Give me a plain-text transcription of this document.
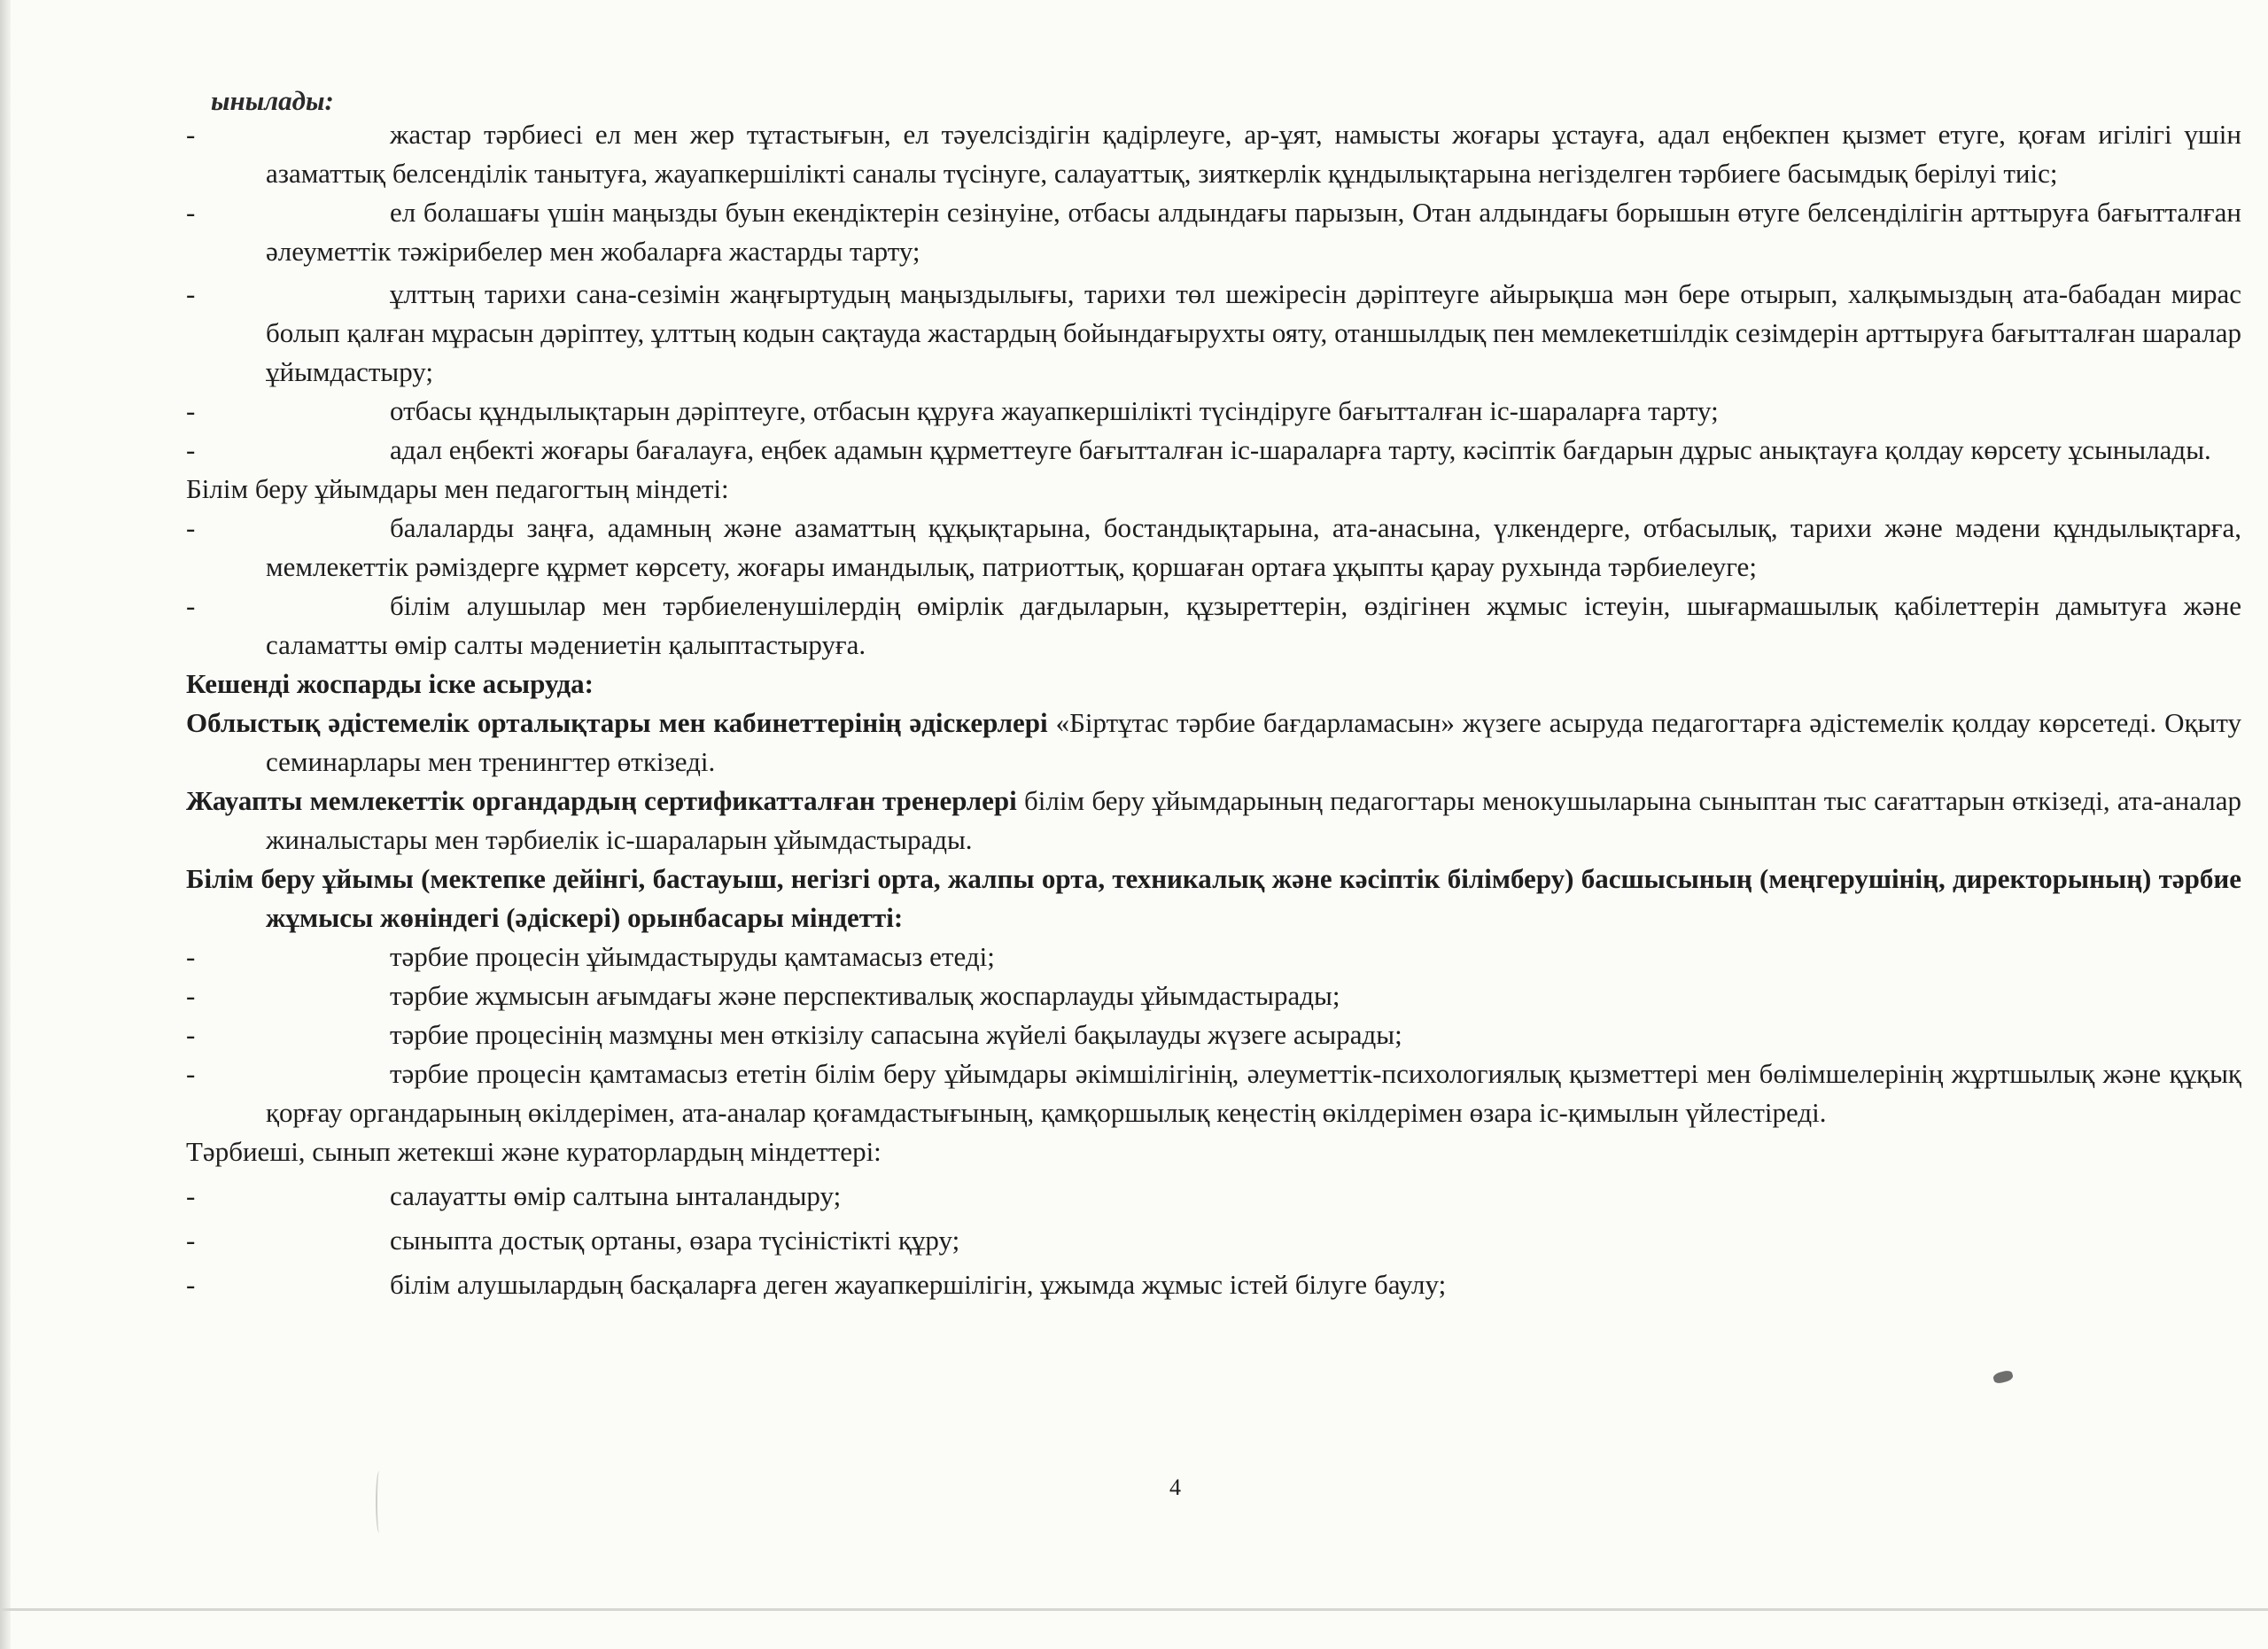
ынылады:
-	жастар тәрбиесі ел мен жер тұтастығын, ел тәуелсіздігін қадірлеуге, ар-ұят, намысты жоғары ұстауға, адал еңбекпен қызмет етуге, қоғам игілігі үшін азаматтық белсенділік танытуға, жауапкершілікті саналы түсінуге, салауаттық, зияткерлік құндылықтарына негізделген тәрбиеге басымдық берілуі тиіс;
-	ел болашағы үшін маңызды буын екендіктерін сезінуіне, отбасы алдындағы парызын, Отан алдындағы борышын өтуге белсенділігін арттыруға бағытталған әлеуметтік тәжірибелер мен жобаларға жастарды тарту;
-	ұлттың тарихи сана-сезімін жаңғыртудың маңыздылығы, тарихи төл шежіресін дәріптеуге айырықша мән бере отырып, халқымыздың ата-бабадан мирас болып қалған мұрасын дәріптеу, ұлттың кодын сақтауда жастардың бойындағырухты ояту, отаншылдық пен мемлекетшілдік сезімдерін арттыруға бағытталған шаралар ұйымдастыру;
-	отбасы құндылықтарын дәріптеуге, отбасын құруға жауапкершілікті түсіндіруге бағытталған іс-шараларға тарту;
-	адал еңбекті жоғары бағалауға, еңбек адамын құрметтеуге бағытталған іс-шараларға тарту, кәсіптік бағдарын дұрыс анықтауға қолдау көрсету ұсынылады.

Білім беру ұйымдары мен педагогтың міндеті:

-	балаларды заңға, адамның және азаматтың құқықтарына, бостандықтарына, ата-анасына, үлкендерге, отбасылық, тарихи және мәдени құндылықтарға, мемлекеттік рәміздерге құрмет көрсету, жоғары имандылық, патриоттық, қоршаған ортаға ұқыпты қарау рухында тәрбиелеуге;
-	білім алушылар мен тәрбиеленушілердің өмірлік дағдыларын, құзыреттерін, өздігінен жұмыс істеуін, шығармашылық қабілеттерін дамытуға және саламатты өмір салты мәдениетін қалыптастыруға.

Кешенді жоспарды іске асыруда:

Облыстық әдістемелік орталықтары мен кабинеттерінің әдіскерлері «Біртұтас тәрбие бағдарламасын» жүзеге асыруда педагогтарға әдістемелік қолдау көрсетеді. Оқыту семинарлары мен тренингтер өткізеді.

Жауапты мемлекеттік органдардың сертификатталған тренерлері білім беру ұйымдарының педагогтары менокушыларына сыныптан тыс сағаттарын өткізеді, ата-аналар жиналыстары мен тәрбиелік іс-шараларын ұйымдастырады.

Білім беру ұйымы (мектепке дейінгі, бастауыш, негізгі орта, жалпы орта, техникалық және кәсіптік білімберу) басшысының (меңгерушінің, директорының) тәрбие жұмысы жөніндегі (әдіскері) орынбасары міндетті:

-	тәрбие процесін ұйымдастыруды қамтамасыз етеді;
-	тәрбие жұмысын ағымдағы және перспективалық жоспарлауды ұйымдастырады;
-	тәрбие процесінің мазмұны мен өткізілу сапасына жүйелі бақылауды жүзеге асырады;
-	тәрбие процесін қамтамасыз ететін білім беру ұйымдары әкімшілігінің, әлеуметтік-психологиялық қызметтері мен бөлімшелерінің жұртшылық және құқық қорғау органдарының өкілдерімен, ата-аналар қоғамдастығының, қамқоршылық кеңестің өкілдерімен өзара іс-қимылын үйлестіреді.

Тәрбиеші, сынып жетекші және кураторлардың міндеттері:

-	салауатты өмір салтына ынталандыру;
-	сыныпта достық ортаны, өзара түсіністікті құру;
-	білім алушылардың басқаларға деген жауапкершілігін, ұжымда жұмыс істей білуге баулу;
4
